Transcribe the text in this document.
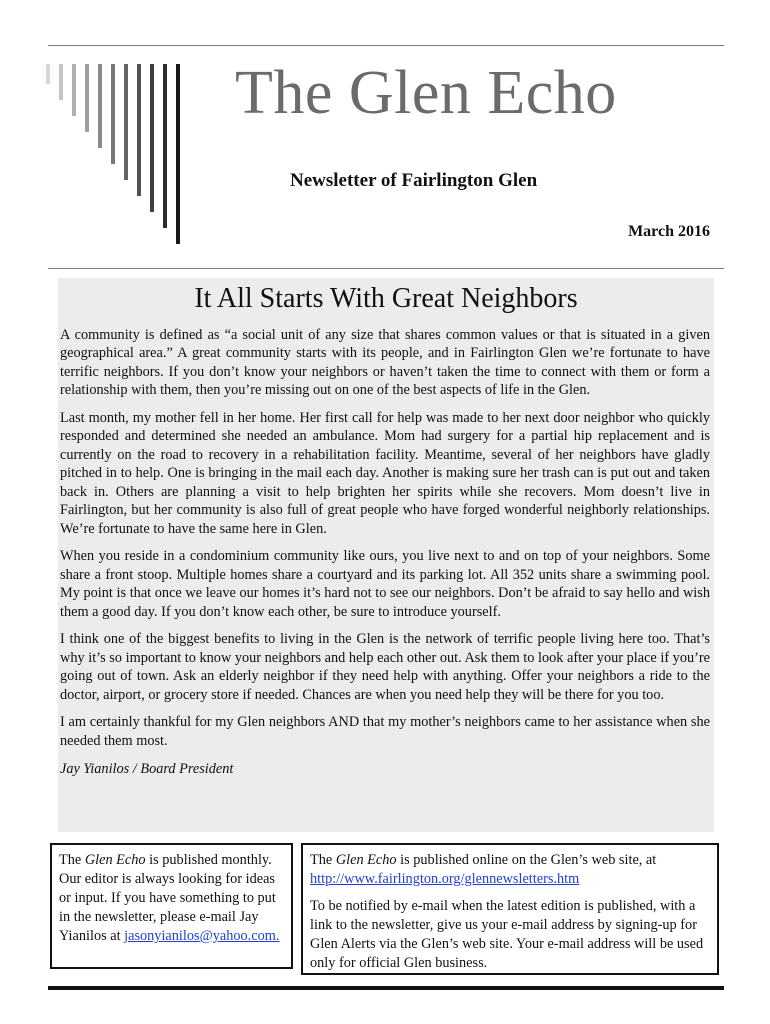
The Glen Echo
Newsletter of Fairlington Glen
March 2016
It All Starts With Great Neighbors

A community is defined as “a social unit of any size that shares common values or that is situated in a given geographical area.” A great community starts with its people, and in Fairlington Glen we’re fortunate to have terrific neighbors. If you don’t know your neighbors or haven’t taken the time to connect with them or form a relationship with them, then you’re missing out on one of the best aspects of life in the Glen.

Last month, my mother fell in her home. Her first call for help was made to her next door neighbor who quickly responded and determined she needed an ambulance. Mom had surgery for a partial hip replacement and is currently on the road to recovery in a rehabilitation facility. Meantime, several of her neighbors have gladly pitched in to help. One is bringing in the mail each day. Another is making sure her trash can is put out and taken back in. Others are planning a visit to help brighten her spirits while she recovers. Mom doesn’t live in Fairlington, but her community is also full of great people who have forged wonderful neighborly relationships. We’re fortunate to have the same here in Glen.

When you reside in a condominium community like ours, you live next to and on top of your neighbors. Some share a front stoop. Multiple homes share a courtyard and its parking lot. All 352 units share a swimming pool. My point is that once we leave our homes it’s hard not to see our neighbors. Don’t be afraid to say hello and wish them a good day. If you don’t know each other, be sure to introduce yourself.

I think one of the biggest benefits to living in the Glen is the network of terrific people living here too. That’s why it’s so important to know your neighbors and help each other out. Ask them to look after your place if you’re going out of town. Ask an elderly neighbor if they need help with anything. Offer your neighbors a ride to the doctor, airport, or grocery store if needed. Chances are when you need help they will be there for you too.

I am certainly thankful for my Glen neighbors AND that my mother’s neighbors came to her assistance when she needed them most.

Jay Yianilos / Board President

The Glen Echo is published monthly. Our editor is always looking for ideas or input. If you have something to put in the newsletter, please e-mail Jay Yianilos at jasonyianilos@yahoo.com.

The Glen Echo is published online on the Glen’s web site, at http://www.fairlington.org/glennewsletters.htm

To be notified by e-mail when the latest edition is published, with a link to the newsletter, give us your e-mail address by signing-up for Glen Alerts via the Glen’s web site. Your e-mail address will be used only for official Glen business.
